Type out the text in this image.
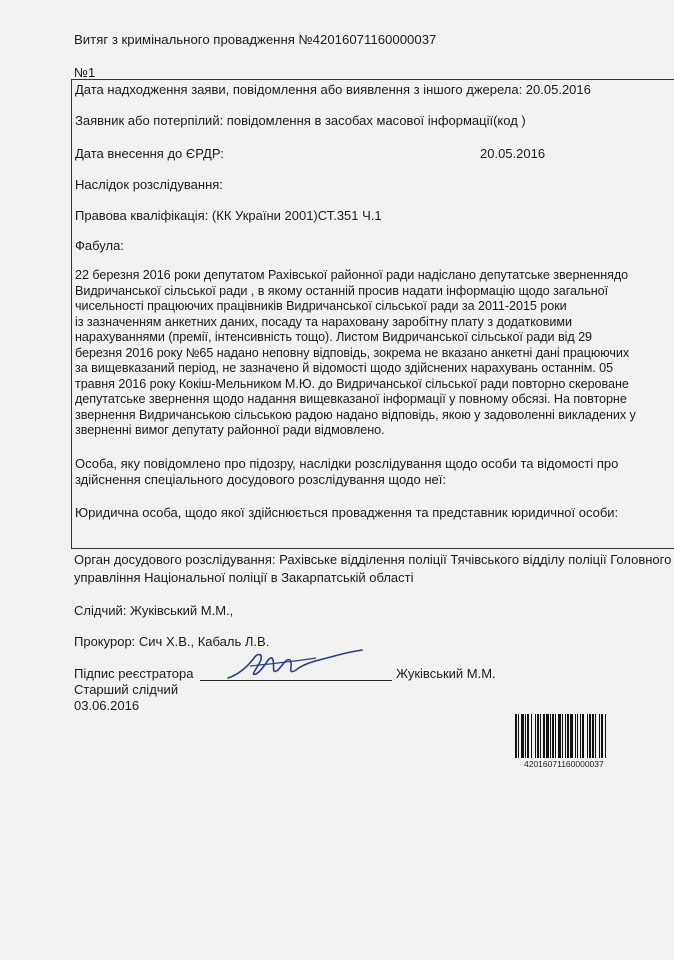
Витяг з кримінального провадження №42016071160000037
№1
Дата надходження заяви, повідомлення або виявлення з іншого джерела: 20.05.2016
Заявник або потерпілий: повідомлення в засобах масової інформації(код )
Дата внесення до ЄРДР:	20.05.2016
Наслідок розслідування:
Правова кваліфікація: (КК України 2001)СТ.351 Ч.1
Фабула:
22 березня 2016 роки депутатом Рахівської районної ради надісланo депутатське зверненнядо
Видричанської сільської ради , в якому останній просив надати інформацію щодо загальної
чисельності працюючих працівників Видричанської сільської ради за 2011-2015 роки
із зазначенням анкетних даних, посаду та нараховану заробітну плату з додатковими
нарахуваннями (премії, інтенсивність тощо). Листом Видричанської сільської ради від 29
березня 2016 року №65 надано неповну відповідь, зокрема не вказано анкетні дані працюючих
за вищевказаний період, не зазначено й відомості щодо здійснених нарахувань останнім. 05
травня 2016 року Кокіш-Мельником М.Ю. до Видричанської сільської ради повторно скероване
депутатське звернення щодо надання вищевказаної інформації у повному обсязі. На повторне
звернення Видричанською сільською радою надано відповідь, якою у задоволенні викладених у
зверненні вимог депутату районної ради відмовлено.
Особа, яку повідомлено про підозру, наслідки розслідування щодо особи та відомості про
здійснення спеціального досудового розслідування щодо неї:
Юридична особа, щодо якої здійснюється провадження та представник юридичної особи:
Орган досудового розслідування: Рахівське відділення поліції Тячівського відділу поліції Головного
управління Національної поліції в Закарпатській області
Слідчий: Жуківський М.М.,
Прокурор: Сич Х.В., Кабаль Л.В.
Підпис реєстратора	Жуківський М.М.
Старший слідчий
03.06.2016
42016071160000037
